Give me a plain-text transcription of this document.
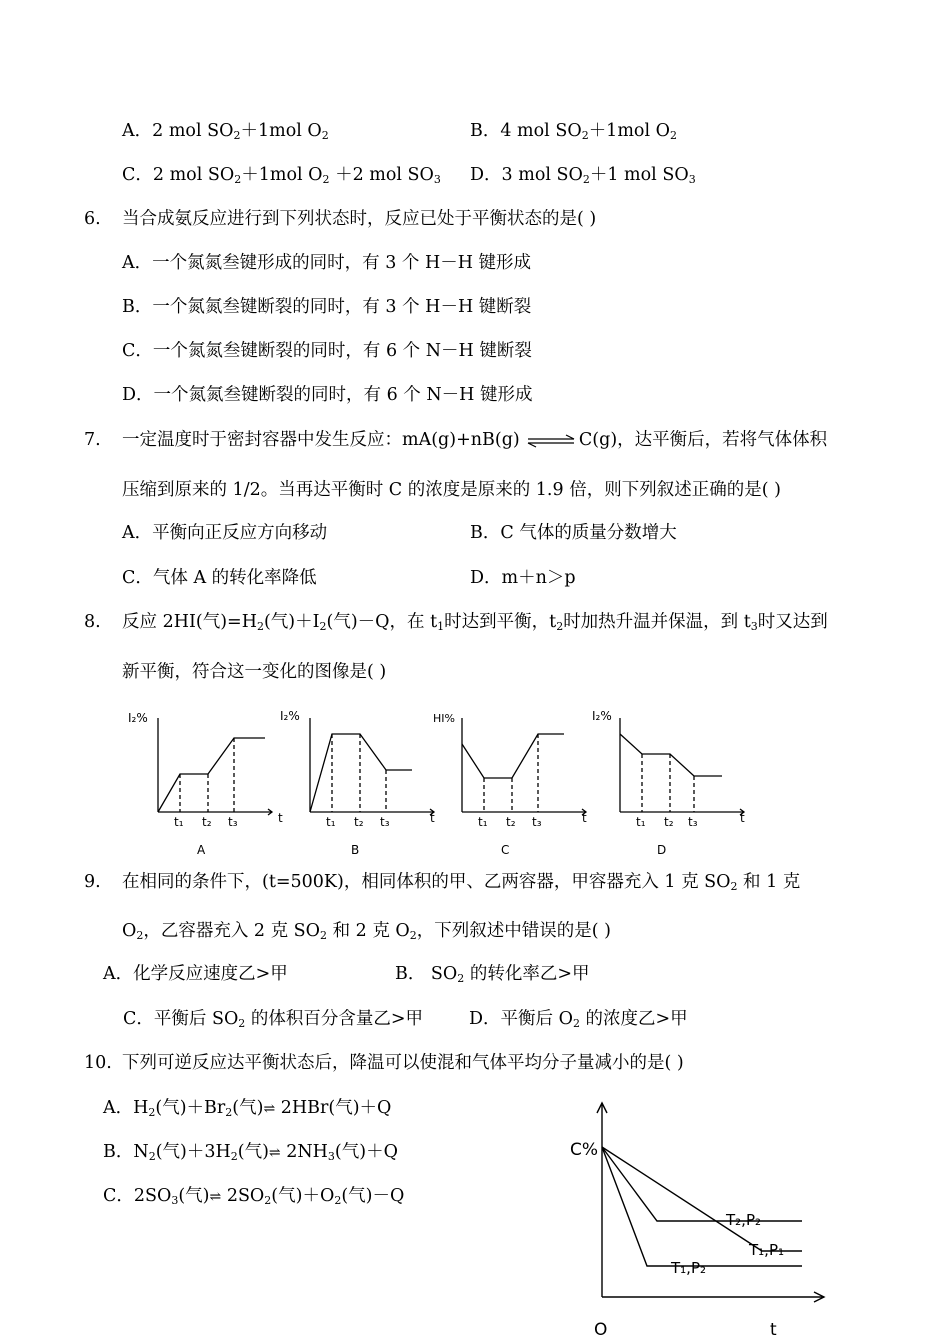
A．2 mol $SO_2+1mol$ $O_2$	B．4 mol $SO_2+1mol$ $O_2$
C．2 mol $SO_2+1mol$ $O_2 +2$ mol $SO_3$ D．3 mol $SO_2+1$ mol $SO_3$
6. 当合成氨反应进行到下列状态时，反应已处于平衡状态的是( )
A．一个氮氮叁键形成的同时，有 3 个 H－H 键形成
B．一个氮氮叁键断裂的同时，有 3 个 H－H 键断裂
C．一个氮氮叁键断裂的同时，有 6 个 N－H 键断裂
D．一个氮氮叁键断裂的同时，有 6 个 N－H 键形成
7. 一定温度时于密封容器中发生反应：mA(g)+nB(g) ⇌ C(g)，达平衡后，若将气体体积
压缩到原来的 1/2。当再达平衡时 C 的浓度是原来的 1.9 倍，则下列叙述正确的是( )
A．平衡向正反应方向移动	B．C 气体的质量分数增大
C．气体 A 的转化率降低	D．m＋n＞p
8. 反应 2HI(气)$=H_2$(气)$+I_2$(气)－Q，在 $t_1$时达到平衡，$t_2$时加热升温并保温，到 $t_3$时又达到
新平衡，符合这一变化的图像是( )
I₂%
t₁ t₂ t₃	t
A
I₂%
t₁ t₂ t₃	t
B
HI%
t₁ t₂ t₃	t
C
I₂%
t₁ t₂ t₃	t
D
9. 在相同的条件下，(t=500K)，相同体积的甲、乙两容器，甲容器充入 1 克 $SO_2$ 和 1 克
$O_2$，乙容器充入 2 克 $SO_2$ 和 2 克 $O_2$，下列叙述中错误的是( )
A．化学反应速度乙>甲	B． $SO_2$ 的转化率乙>甲
C．平衡后 $SO_2$ 的体积百分含量乙>甲	D．平衡后 $O_2$ 的浓度乙>甲
10. 下列可逆反应达平衡状态后，降温可以使混和气体平均分子量减小的是( )
A．$H_2$(气)$+Br_2$(气)⇌ 2HBr(气)＋Q
B．$N_2$(气)$+3H_2$(气)⇌ $2NH_3$(气)＋Q
C．$2SO_3$(气)⇌ $2SO_2$(气)$+O_2$(气)－Q
C%
O	t
T₂,P₂
T₁,P₁
T₁,P₂
